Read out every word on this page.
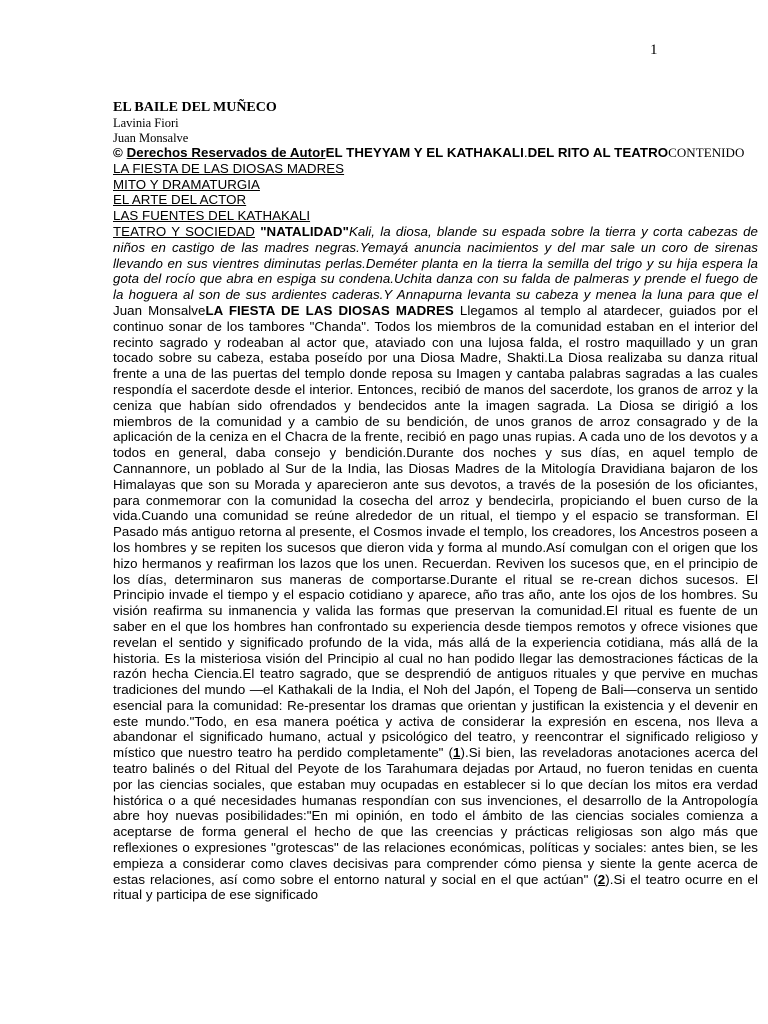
1
EL BAILE DEL MUÑECO
Lavinia Fiori
Juan Monsalve
© Derechos Reservados de AutorEL THEYYAM Y EL KATHAKALI.DEL RITO AL TEATROCONTENIDO
LA FIESTA DE LAS DIOSAS MADRES
MITO Y DRAMATURGIA
EL ARTE DEL ACTOR
LAS FUENTES DEL KATHAKALI

TEATRO Y SOCIEDAD "NATALIDAD"Kali, la diosa, blande su espada sobre la tierra y corta cabezas de niños en castigo de las madres negras.Yemayá anuncia nacimientos y del mar sale un coro de sirenas llevando en sus vientres diminutas perlas.Deméter planta en la tierra la semilla del trigo y su hija espera la gota del rocío que abra en espiga su condena.Uchita danza con su falda de palmeras y prende el fuego de la hoguera al son de sus ardientes caderas.Y Annapurna levanta su cabeza y menea la luna para que el Juan MonsalveLA FIESTA DE LAS DIOSAS MADRES Llegamos al templo al atardecer, guiados por el continuo sonar de los tambores "Chanda". Todos los miembros de la comunidad estaban en el interior del recinto sagrado y rodeaban al actor que, ataviado con una lujosa falda, el rostro maquillado y un gran tocado sobre su cabeza, estaba poseído por una Diosa Madre, Shakti.La Diosa realizaba su danza ritual frente a una de las puertas del templo donde reposa su Imagen y cantaba palabras sagradas a las cuales respondía el sacerdote desde el interior. Entonces, recibió de manos del sacerdote, los granos de arroz y la ceniza que habían sido ofrendados y bendecidos ante la imagen sagrada. La Diosa se dirigió a los miembros de la comunidad y a cambio de su bendición, de unos granos de arroz consagrado y de la aplicación de la ceniza en el Chacra de la frente, recibió en pago unas rupias. A cada uno de los devotos y a todos en general, daba consejo y bendición.Durante dos noches y sus días, en aquel templo de Cannannore, un poblado al Sur de la India, las Diosas Madres de la Mitología Dravidiana bajaron de los Himalayas que son su Morada y aparecieron ante sus devotos, a través de la posesión de los oficiantes, para conmemorar con la comunidad la cosecha del arroz y bendecirla, propiciando el buen curso de la vida.Cuando una comunidad se reúne alrededor de un ritual, el tiempo y el espacio se transforman. El Pasado más antiguo retorna al presente, el Cosmos invade el templo, los creadores, los Ancestros poseen a los hombres y se repiten los sucesos que dieron vida y forma al mundo.Así comulgan con el origen que los hizo hermanos y reafirman los lazos que los unen. Recuerdan. Reviven los sucesos que, en el principio de los días, determinaron sus maneras de comportarse.Durante el ritual se re-crean dichos sucesos. El Principio invade el tiempo y el espacio cotidiano y aparece, año tras año, ante los ojos de los hombres. Su visión reafirma su inmanencia y valida las formas que preservan la comunidad.El ritual es fuente de un saber en el que los hombres han confrontado su experiencia desde tiempos remotos y ofrece visiones que revelan el sentido y significado profundo de la vida, más allá de la experiencia cotidiana, más allá de la historia. Es la misteriosa visión del Principio al cual no han podido llegar las demostraciones fácticas de la razón hecha Ciencia.El teatro sagrado, que se desprendió de antiguos rituales y que pervive en muchas tradiciones del mundo —el Kathakali de la India, el Noh del Japón, el Topeng de Bali—conserva un sentido esencial para la comunidad: Re-presentar los dramas que orientan y justifican la existencia y el devenir en este mundo."Todo, en esa manera poética y activa de considerar la expresión en escena, nos lleva a abandonar el significado humano, actual y psicológico del teatro, y reencontrar el significado religioso y místico que nuestro teatro ha perdido completamente" (1).Si bien, las reveladoras anotaciones acerca del teatro balinés o del Ritual del Peyote de los Tarahumara dejadas por Artaud, no fueron tenidas en cuenta por las ciencias sociales, que estaban muy ocupadas en establecer si lo que decían los mitos era verdad histórica o a qué necesidades humanas respondían con sus invenciones, el desarrollo de la Antropología abre hoy nuevas posibilidades:"En mi opinión, en todo el ámbito de las ciencias sociales comienza a aceptarse de forma general el hecho de que las creencias y prácticas religiosas son algo más que reflexiones o expresiones "grotescas" de las relaciones económicas, políticas y sociales: antes bien, se les empieza a considerar como claves decisivas para comprender cómo piensa y siente la gente acerca de estas relaciones, así como sobre el entorno natural y social en el que actúan" (2).Si el teatro ocurre en el ritual y participa de ese significado
